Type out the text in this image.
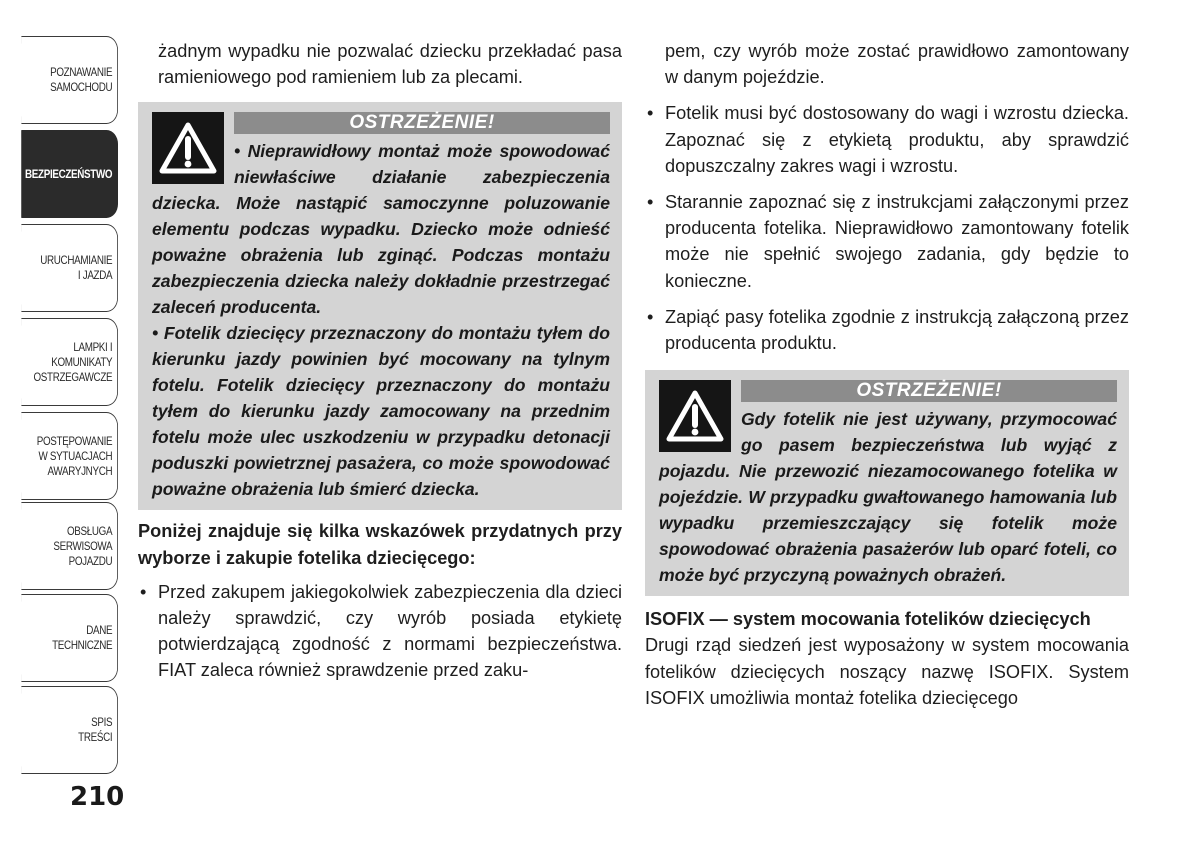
POZNAWANIE
SAMOCHODU
BEZPIECZEŃSTWO
URUCHAMIANIE
I JAZDA
LAMPKI I
KOMUNIKATY
OSTRZEGAWCZE
POSTĘPOWANIE
W SYTUACJACH
AWARYJNYCH
OBSŁUGA
SERWISOWA
POJAZDU
DANE
TECHNICZNE
SPIS
TREŚCI
210

żadnym wypadku nie pozwalać dziecku przekładać pasa ramieniowego pod ramieniem lub za plecami.

OSTRZEŻENIE!

• Nieprawidłowy montaż może spowodować niewłaściwe działanie zabezpieczenia dziecka. Może nastąpić samoczynne poluzowanie elementu podczas wypadku. Dziecko może odnieść poważne obrażenia lub zginąć. Podczas montażu zabezpieczenia dziecka należy dokładnie przestrzegać zaleceń producenta.

• Fotelik dziecięcy przeznaczony do montażu tyłem do kierunku jazdy powinien być mocowany na tylnym fotelu. Fotelik dziecięcy przeznaczony do montażu tyłem do kierunku jazdy zamocowany na przednim fotelu może ulec uszkodzeniu w przypadku detonacji poduszki powietrznej pasażera, co może spowodować poważne obrażenia lub śmierć dziecka.

Poniżej znajduje się kilka wskazówek przydatnych przy wyborze i zakupie fotelika dziecięcego:

• Przed zakupem jakiegokolwiek zabezpieczenia dla dzieci należy sprawdzić, czy wyrób posiada etykietę potwierdzającą zgodność z normami bezpieczeństwa. FIAT zaleca również sprawdzenie przed zaku-

pem, czy wyrób może zostać prawidłowo zamontowany w danym pojeździe.

• Fotelik musi być dostosowany do wagi i wzrostu dziecka. Zapoznać się z etykietą produktu, aby sprawdzić dopuszczalny zakres wagi i wzrostu.
• Starannie zapoznać się z instrukcjami załączonymi przez producenta fotelika. Nieprawidłowo zamontowany fotelik może nie spełnić swojego zadania, gdy będzie to konieczne.
• Zapiąć pasy fotelika zgodnie z instrukcją załączoną przez producenta produktu.
OSTRZEŻENIE!

Gdy fotelik nie jest używany, przymocować go pasem bezpieczeństwa lub wyjąć z pojazdu. Nie przewozić niezamocowanego fotelika w pojeździe. W przypadku gwałtowanego hamowania lub wypadku przemieszczający się fotelik może spowodować obrażenia pasażerów lub oparć foteli, co może być przyczyną poważnych obrażeń.

ISOFIX — system mocowania fotelików dziecięcych

Drugi rząd siedzeń jest wyposażony w system mocowania fotelików dziecięcych noszący nazwę ISOFIX. System ISOFIX umożliwia montaż fotelika dziecięcego
